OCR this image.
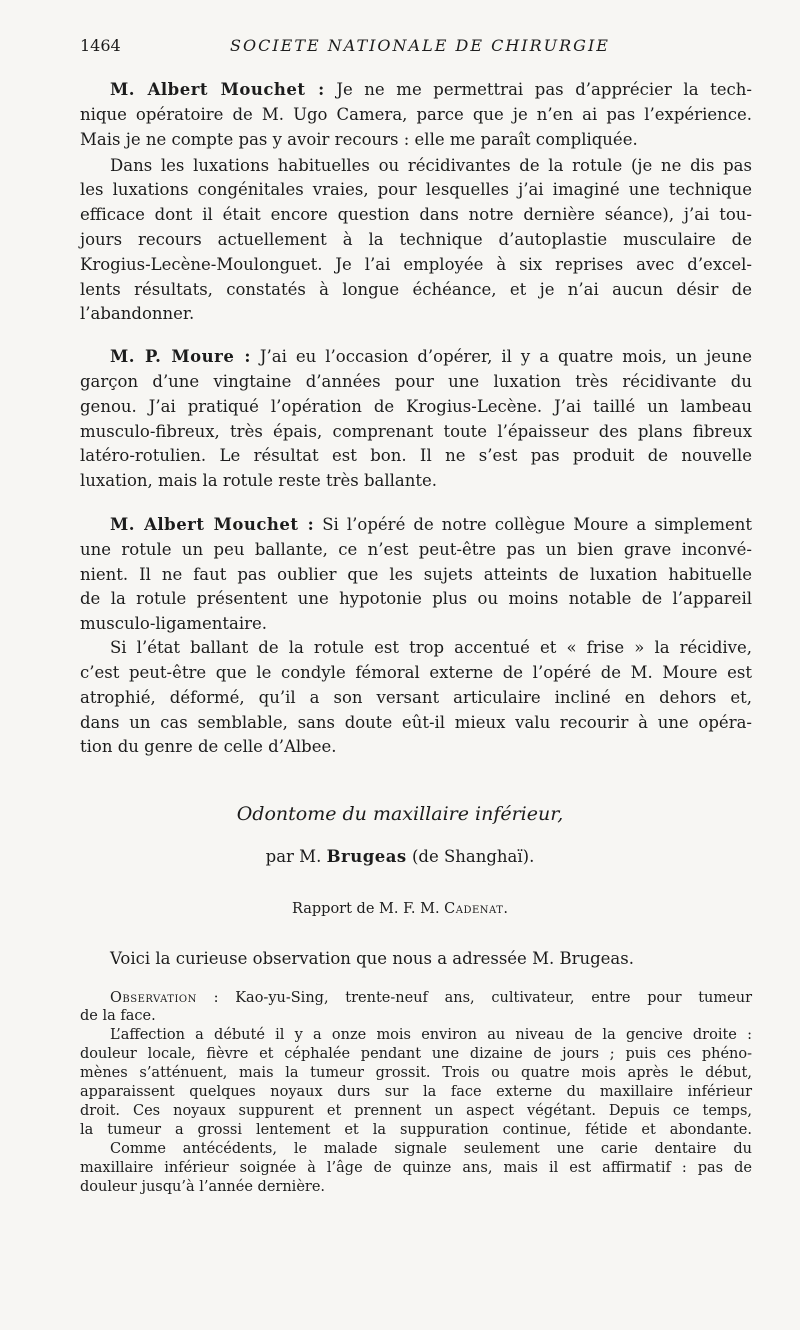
1464	SOCIETE NATIONALE DE CHIRURGIE
M. Albert Mouchet : Je ne me permettrai pas d’apprécier la tech-
nique opératoire de M. Ugo Camera, parce que je n’en ai pas l’expérience.
Mais je ne compte pas y avoir recours : elle me paraît compliquée.
Dans les luxations habituelles ou récidivantes de la rotule (je ne dis pas
les luxations congénitales vraies, pour lesquelles j’ai imaginé une technique
efficace dont il était encore question dans notre dernière séance), j’ai tou-
jours recours actuellement à la technique d’autoplastie musculaire de
Krogius-Lecène-Moulonguet. Je l’ai employée à six reprises avec d’excel-
lents résultats, constatés à longue échéance, et je n’ai aucun désir de
l’abandonner.
M. P. Moure : J’ai eu l’occasion d’opérer, il y a quatre mois, un jeune
garçon d’une vingtaine d’années pour une luxation très récidivante du
genou. J’ai pratiqué l’opération de Krogius-Lecène. J’ai taillé un lambeau
musculo-fibreux, très épais, comprenant toute l’épaisseur des plans fibreux
latéro-rotulien. Le résultat est bon. Il ne s’est pas produit de nouvelle
luxation, mais la rotule reste très ballante.
M. Albert Mouchet : Si l’opéré de notre collègue Moure a simplement
une rotule un peu ballante, ce n’est peut-être pas un bien grave inconvé-
nient. Il ne faut pas oublier que les sujets atteints de luxation habituelle
de la rotule présentent une hypotonie plus ou moins notable de l’appareil
musculo-ligamentaire.
Si l’état ballant de la rotule est trop accentué et « frise » la récidive,
c’est peut-être que le condyle fémoral externe de l’opéré de M. Moure est
atrophié, déformé, qu’il a son versant articulaire incliné en dehors et,
dans un cas semblable, sans doute eût-il mieux valu recourir à une opéra-
tion du genre de celle d’Albee.
Odontome du maxillaire inférieur,
par M. Brugeas (de Shanghaï).
Rapport de M. F. M. Cadenat.
Voici la curieuse observation que nous a adressée M. Brugeas.
Observation : Kao-yu-Sing, trente-neuf ans, cultivateur, entre pour tumeur
de la face.
L’affection a débuté il y a onze mois environ au niveau de la gencive droite :
douleur locale, fièvre et céphalée pendant une dizaine de jours ; puis ces phéno-
mènes s’atténuent, mais la tumeur grossit. Trois ou quatre mois après le début,
apparaissent quelques noyaux durs sur la face externe du maxillaire inférieur
droit. Ces noyaux suppurent et prennent un aspect végétant. Depuis ce temps,
la tumeur a grossi lentement et la suppuration continue, fétide et abondante.
Comme antécédents, le malade signale seulement une carie dentaire du
maxillaire inférieur soignée à l’âge de quinze ans, mais il est affirmatif : pas de
douleur jusqu’à l’année dernière.
